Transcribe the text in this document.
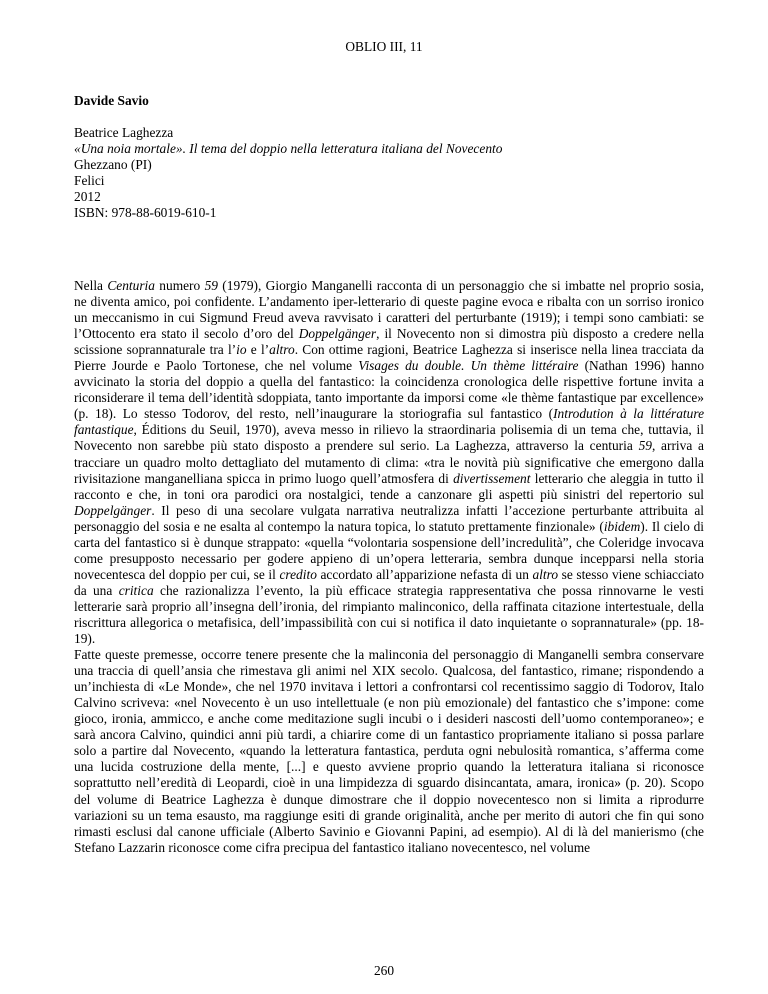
OBLIO III, 11
Davide Savio
Beatrice Laghezza
«Una noia mortale». Il tema del doppio nella letteratura italiana del Novecento
Ghezzano (PI)
Felici
2012
ISBN: 978-88-6019-610-1

Nella Centuria numero 59 (1979), Giorgio Manganelli racconta di un personaggio che si imbatte nel proprio sosia, ne diventa amico, poi confidente. L’andamento iper-letterario di queste pagine evoca e ribalta con un sorriso ironico un meccanismo in cui Sigmund Freud aveva ravvisato i caratteri del perturbante (1919); i tempi sono cambiati: se l’Ottocento era stato il secolo d’oro del Doppelgänger, il Novecento non si dimostra più disposto a credere nella scissione soprannaturale tra l’io e l’altro. Con ottime ragioni, Beatrice Laghezza si inserisce nella linea tracciata da Pierre Jourde e Paolo Tortonese, che nel volume Visages du double. Un thème littéraire (Nathan 1996) hanno avvicinato la storia del doppio a quella del fantastico: la coincidenza cronologica delle rispettive fortune invita a riconsiderare il tema dell’identità sdoppiata, tanto importante da imporsi come «le thème fantastique par excellence» (p. 18). Lo stesso Todorov, del resto, nell’inaugurare la storiografia sul fantastico (Introdution à la littérature fantastique, Éditions du Seuil, 1970), aveva messo in rilievo la straordinaria polisemia di un tema che, tuttavia, il Novecento non sarebbe più stato disposto a prendere sul serio. La Laghezza, attraverso la centuria 59, arriva a tracciare un quadro molto dettagliato del mutamento di clima: «tra le novità più significative che emergono dalla rivisitazione manganelliana spicca in primo luogo quell’atmosfera di divertissement letterario che aleggia in tutto il racconto e che, in toni ora parodici ora nostalgici, tende a canzonare gli aspetti più sinistri del repertorio sul Doppelgänger. Il peso di una secolare vulgata narrativa neutralizza infatti l’accezione perturbante attribuita al personaggio del sosia e ne esalta al contempo la natura topica, lo statuto prettamente finzionale» (ibidem). Il cielo di carta del fantastico si è dunque strappato: «quella “volontaria sospensione dell’incredulità”, che Coleridge invocava come presupposto necessario per godere appieno di un’opera letteraria, sembra dunque incepparsi nella storia novecentesca del doppio per cui, se il credito accordato all’apparizione nefasta di un altro se stesso viene schiacciato da una critica che razionalizza l’evento, la più efficace strategia rappresentativa che possa rinnovarne le vesti letterarie sarà proprio all’insegna dell’ironia, del rimpianto malinconico, della raffinata citazione intertestuale, della riscrittura allegorica o metafisica, dell’impassibilità con cui si notifica il dato inquietante o soprannaturale» (pp. 18-19).

Fatte queste premesse, occorre tenere presente che la malinconia del personaggio di Manganelli sembra conservare una traccia di quell’ansia che rimestava gli animi nel XIX secolo. Qualcosa, del fantastico, rimane; rispondendo a un’inchiesta di «Le Monde», che nel 1970 invitava i lettori a confrontarsi col recentissimo saggio di Todorov, Italo Calvino scriveva: «nel Novecento è un uso intellettuale (e non più emozionale) del fantastico che s’impone: come gioco, ironia, ammicco, e anche come meditazione sugli incubi o i desideri nascosti dell’uomo contemporaneo»; e sarà ancora Calvino, quindici anni più tardi, a chiarire come di un fantastico propriamente italiano si possa parlare solo a partire dal Novecento, «quando la letteratura fantastica, perduta ogni nebulosità romantica, s’afferma come una lucida costruzione della mente, [...] e questo avviene proprio quando la letteratura italiana si riconosce soprattutto nell’eredità di Leopardi, cioè in una limpidezza di sguardo disincantata, amara, ironica» (p. 20). Scopo del volume di Beatrice Laghezza è dunque dimostrare che il doppio novecentesco non si limita a riprodurre variazioni su un tema esausto, ma raggiunge esiti di grande originalità, anche per merito di autori che fin qui sono rimasti esclusi dal canone ufficiale (Alberto Savinio e Giovanni Papini, ad esempio). Al di là del manierismo (che Stefano Lazzarin riconosce come cifra precipua del fantastico italiano novecentesco, nel volume

260
